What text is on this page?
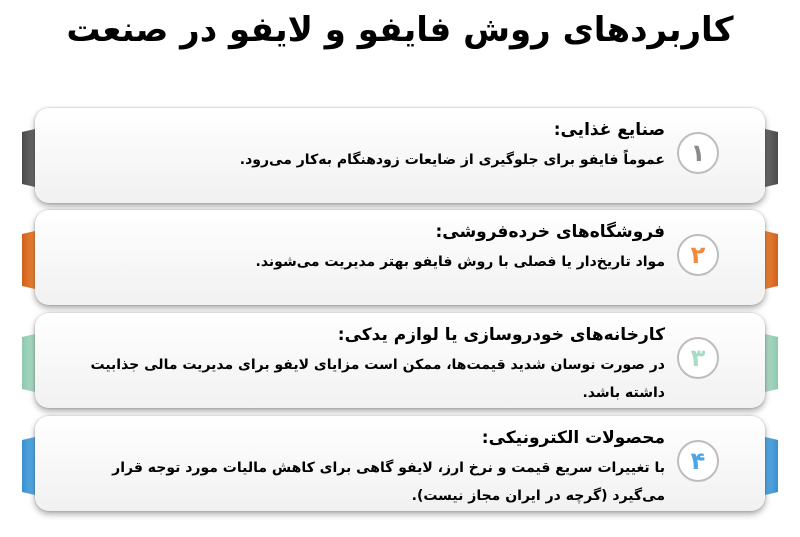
کاربردهای روش فایفو و لایفو در صنعت
۱
صنایع غذایی:
عموماً فایفو برای جلوگیری از ضایعات زودهنگام به‌کار می‌رود.
۲
فروشگاه‌های خرده‌فروشی:
مواد تاریخ‌دار یا فصلی با روش فایفو بهتر مدیریت می‌شوند.
۳
کارخانه‌های خودروسازی یا لوازم یدکی:
در صورت نوسان شدید قیمت‌ها، ممکن است مزایای لایفو برای مدیریت مالی جذابیت داشته باشد.
۴
محصولات الکترونیکی:
با تغییرات سریع قیمت و نرخ ارز، لایفو گاهی برای کاهش مالیات مورد توجه قرار می‌گیرد (گرچه در ایران مجاز نیست).
